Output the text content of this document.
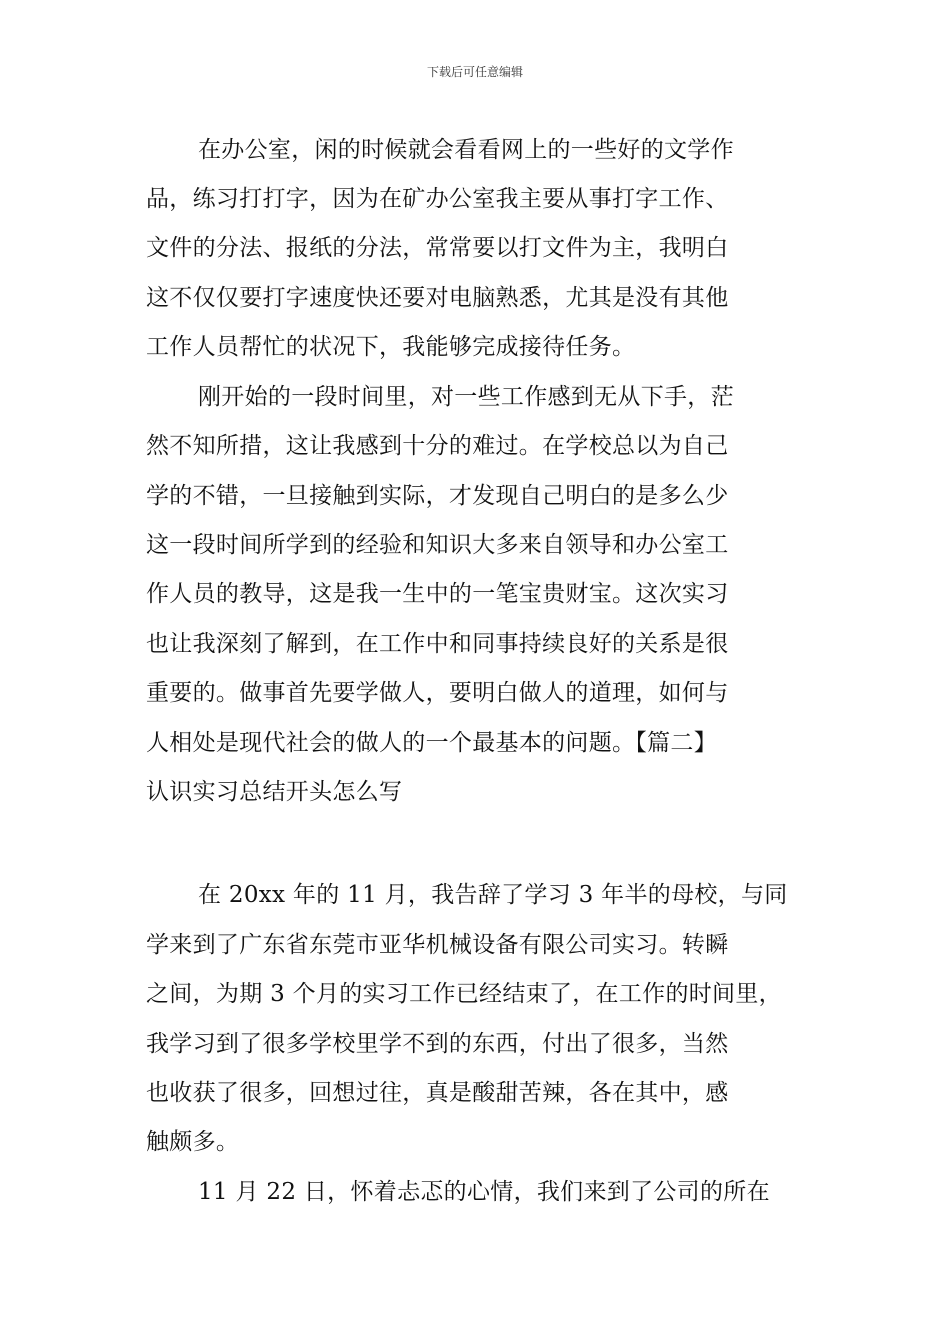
下载后可任意编辑
在办公室，闲的时候就会看看网上的一些好的文学作
品，练习打打字，因为在矿办公室我主要从事打字工作、
文件的分法、报纸的分法，常常要以打文件为主，我明白
这不仅仅要打字速度快还要对电脑熟悉，尤其是没有其他
工作人员帮忙的状况下，我能够完成接待任务。
刚开始的一段时间里，对一些工作感到无从下手，茫
然不知所措，这让我感到十分的难过。在学校总以为自己
学的不错，一旦接触到实际，才发现自己明白的是多么少
这一段时间所学到的经验和知识大多来自领导和办公室工
作人员的教导，这是我一生中的一笔宝贵财宝。这次实习
也让我深刻了解到，在工作中和同事持续良好的关系是很
重要的。做事首先要学做人，要明白做人的道理，如何与
人相处是现代社会的做人的一个最基本的问题。【篇二】
认识实习总结开头怎么写
在 20xx 年的 11 月，我告辞了学习 3 年半的母校，与同
学来到了广东省东莞市亚华机械设备有限公司实习。转瞬
之间，为期 3 个月的实习工作已经结束了，在工作的时间里，
我学习到了很多学校里学不到的东西，付出了很多，当然
也收获了很多，回想过往，真是酸甜苦辣，各在其中，感
触颇多。
11 月 22 日，怀着忐忑的心情，我们来到了公司的所在
